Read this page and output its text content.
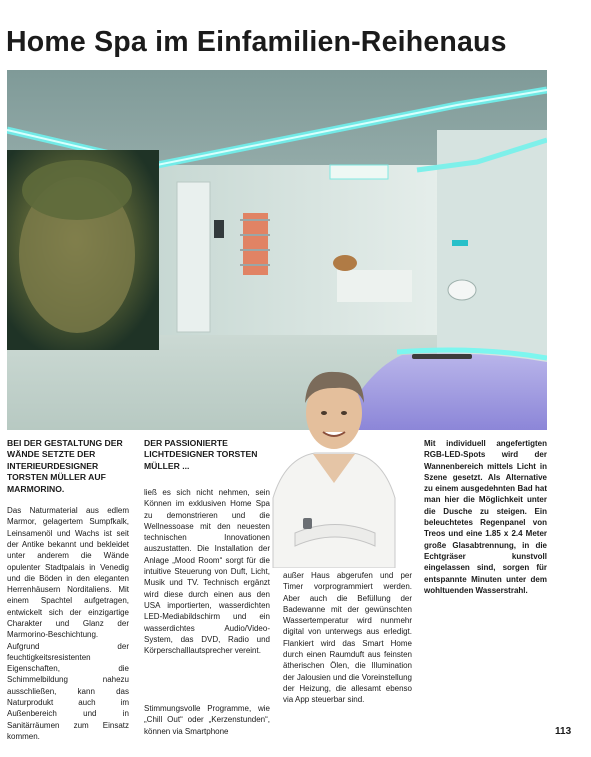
Home Spa im Einfamilien-Reihenaus

BEI DER GESTALTUNG DER WÄNDE SETZTE DER INTERIEURDESIGNER TORSTEN MÜLLER AUF MARMORINO.

Das Naturmaterial aus edlem Marmor, gelagertem Sumpfkalk, Leinsamenöl und Wachs ist seit der Antike bekannt und bekleidet unter anderem die Wände opulenter Stadtpalais in Venedig und die Böden in den eleganten Herrenhäusern Norditaliens. Mit einem Spachtel aufgetragen, entwickelt sich der einzigartige Charakter und Glanz der Marmorino-Beschichtung. Aufgrund der feuchtigkeitsresistenten Eigenschaften, die Schimmelbildung nahezu ausschließen, kann das Naturprodukt auch im Außenbereich und in Sanitärräumen zum Einsatz kommen.

DER PASSIONIERTE LICHTDESIGNER TORSTEN MÜLLER ...

ließ es sich nicht nehmen, sein Können im exklusiven Home Spa zu demonstrieren und die Wellnessoase mit den neuesten technischen Innovationen auszustatten. Die Installation der Anlage „Mood Room“ sorgt für die intuitive Steuerung von Duft, Licht, Musik und TV. Technisch ergänzt wird diese durch einen aus den USA importierten, wasserdichten LED-Mediabildschirm und ein wasserdichtes Audio/Video-System, das DVD, Radio und Körperschalllautsprecher vereint.

Stimmungsvolle Programme, wie „Chill Out“ oder „Kerzenstunden“, können via Smartphone

außer Haus abgerufen und per Timer vorprogrammiert werden. Aber auch die Befüllung der Badewanne mit der gewünschten Wassertemperatur wird nunmehr digital von unterwegs aus erledigt. Flankiert wird das Smart Home durch einen Raumduft aus feinsten ätherischen Ölen, die Illumination der Jalousien und die Voreinstellung der Heizung, die allesamt ebenso via App steuerbar sind.

Mit individuell angefertigten RGB-LED-Spots wird der Wannenbereich mittels Licht in Szene gesetzt. Als Alternative zu einem ausgedehnten Bad hat man hier die Möglichkeit unter die Dusche zu steigen. Ein beleuchtetes Regenpanel von Treos und eine 1.85 x 2.4 Meter große Glasabtrennung, in die Echtgräser kunstvoll eingelassen sind, sorgen für entspannte Minuten unter dem wohltuenden Wasserstrahl.

113
